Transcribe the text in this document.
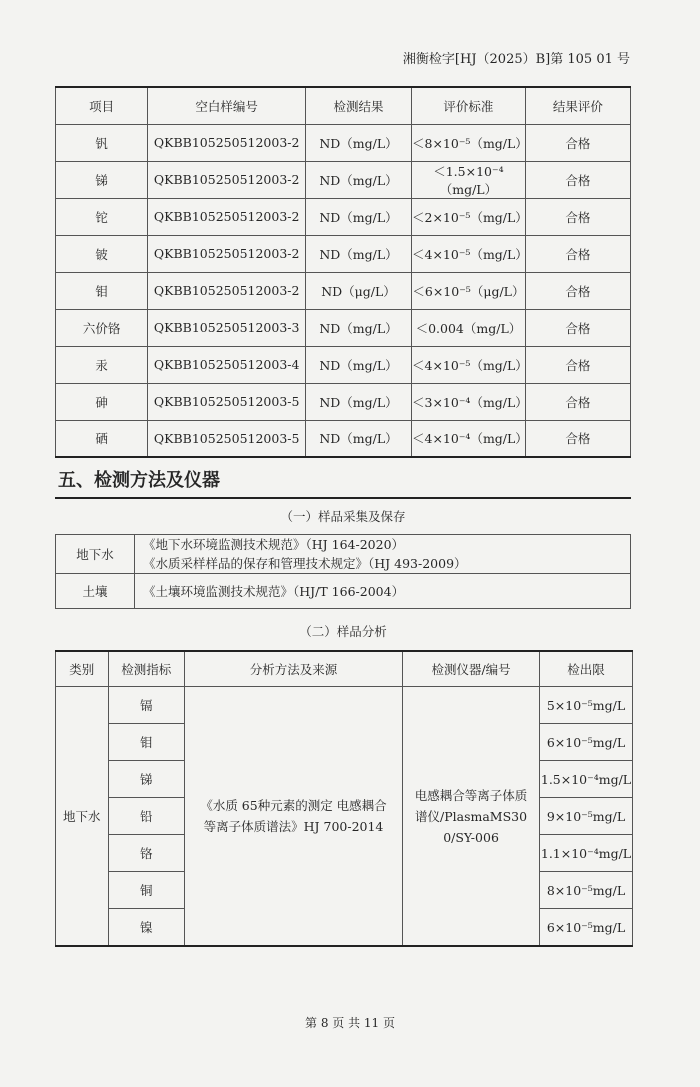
湘衡检字[HJ（2025）B]第 105 01 号
项目	空白样编号	检测结果	评价标准	结果评价
钒	QKBB105250512003-2	ND（mg/L）	＜8×10⁻⁵（mg/L）	合格
锑	QKBB105250512003-2	ND（mg/L）	＜1.5×10⁻⁴（mg/L）	合格
铊	QKBB105250512003-2	ND（mg/L）	＜2×10⁻⁵（mg/L）	合格
铍	QKBB105250512003-2	ND（mg/L）	＜4×10⁻⁵（mg/L）	合格
钼	QKBB105250512003-2	ND（μg/L）	＜6×10⁻⁵（μg/L）	合格
六价铬	QKBB105250512003-3	ND（mg/L）	＜0.004（mg/L）	合格
汞	QKBB105250512003-4	ND（mg/L）	＜4×10⁻⁵（mg/L）	合格
砷	QKBB105250512003-5	ND（mg/L）	＜3×10⁻⁴（mg/L）	合格
硒	QKBB105250512003-5	ND（mg/L）	＜4×10⁻⁴（mg/L）	合格
五、检测方法及仪器
（一）样品采集及保存
地下水	《地下水环境监测技术规范》（HJ 164-2020）
《水质采样样品的保存和管理技术规定》（HJ 493-2009）

土壤	《土壤环境监测技术规范》（HJ/T 166-2004）
（二）样品分析
类别	检测指标	分析方法及来源	检测仪器/编号	检出限
地下水	镉	《水质 65种元素的测定 电感耦合等离子体质谱法》HJ 700-2014	电感耦合等离子体质谱仪/PlasmaMS300/SY-006	5×10⁻⁵mg/L
	钼			6×10⁻⁵mg/L
	锑			1.5×10⁻⁴mg/L
	铅			9×10⁻⁵mg/L
	铬			1.1×10⁻⁴mg/L
	铜			8×10⁻⁵mg/L
	镍			6×10⁻⁵mg/L
第 8 页 共 11 页
